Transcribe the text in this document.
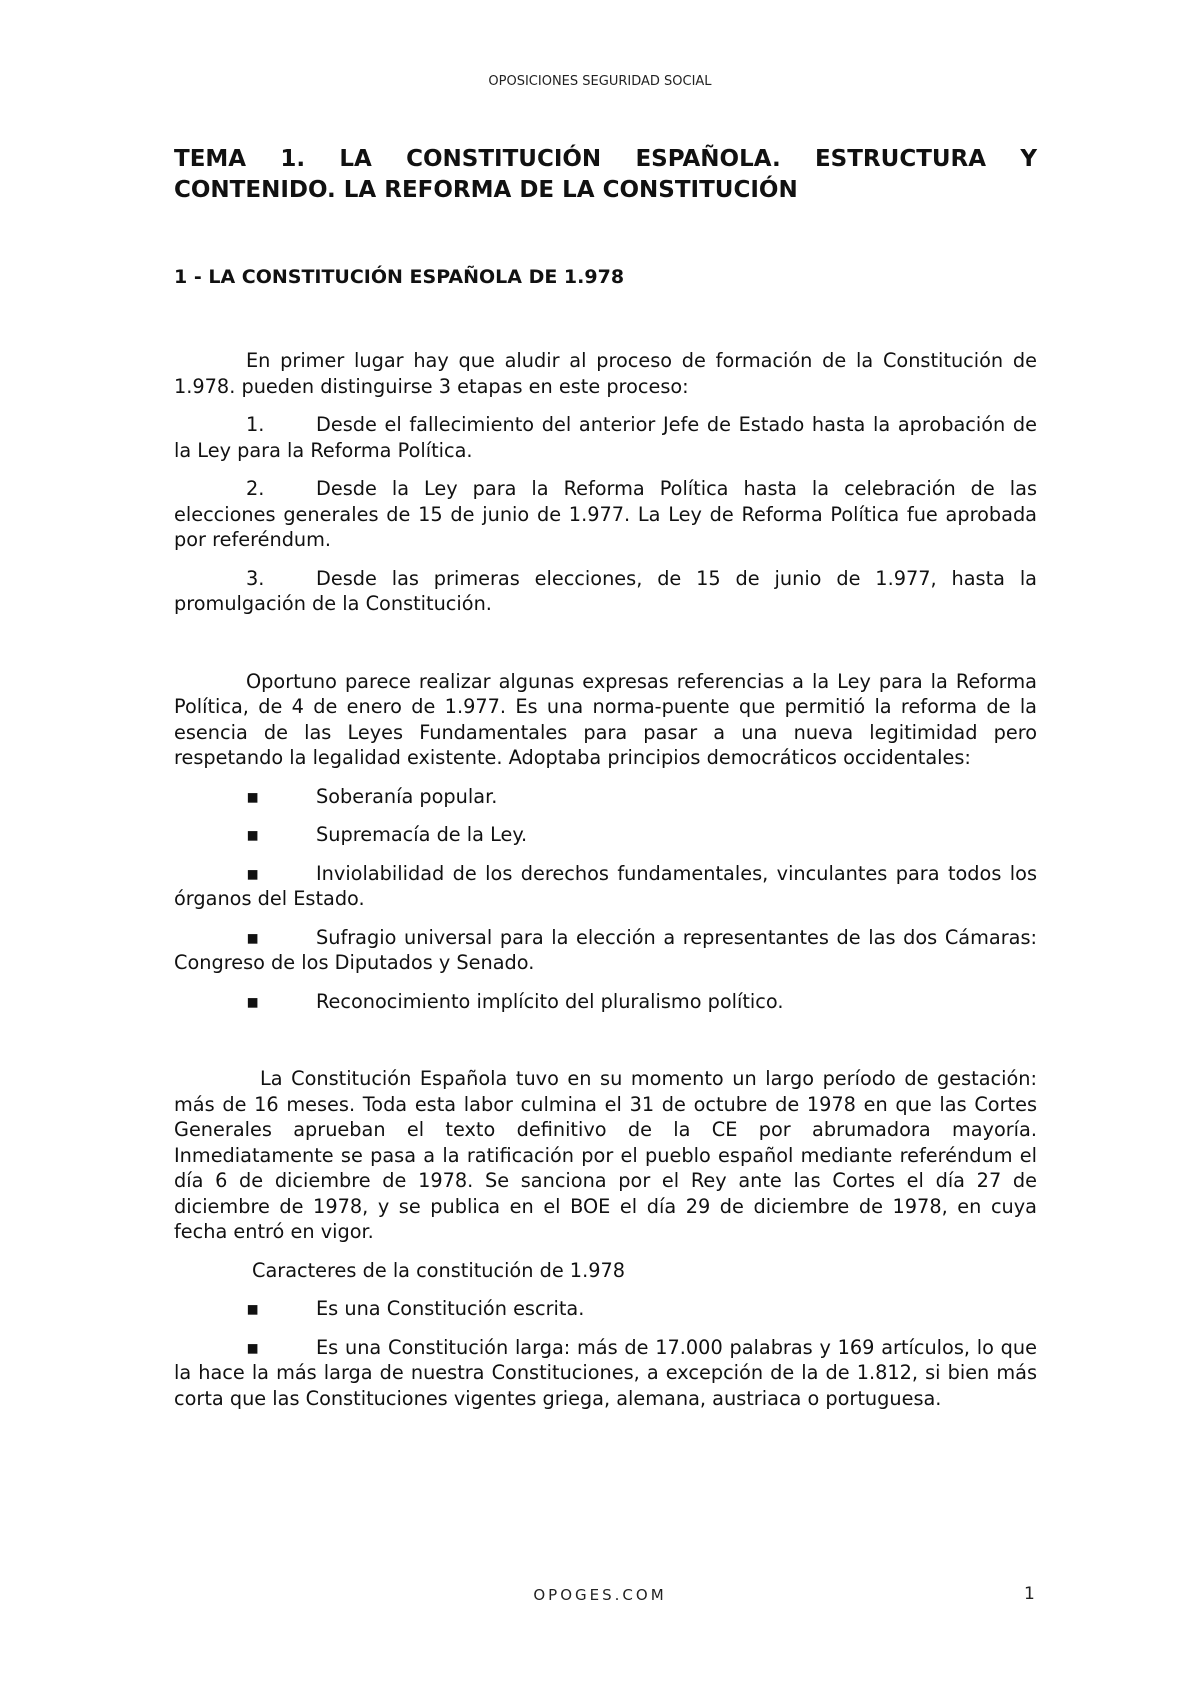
OPOSICIONES SEGURIDAD SOCIAL
TEMA 1. LA CONSTITUCIÓN ESPAÑOLA. ESTRUCTURA Y CONTENIDO. LA REFORMA DE LA CONSTITUCIÓN
1 - LA CONSTITUCIÓN ESPAÑOLA DE 1.978

En primer lugar hay que aludir al proceso de formación de la Constitución de 1.978. pueden distinguirse 3 etapas en este proceso:

1.	Desde el fallecimiento del anterior Jefe de Estado hasta la aprobación de la Ley para la Reforma Política.

2.	Desde la Ley para la Reforma Política hasta la celebración de las elecciones generales de 15 de junio de 1.977. La Ley de Reforma Política fue aprobada por referéndum.

3.	Desde las primeras elecciones, de 15 de junio de 1.977, hasta la promulgación de la Constitución.

Oportuno parece realizar algunas expresas referencias a la Ley para la Reforma Política, de 4 de enero de 1.977. Es una norma-puente que permitió la reforma de la esencia de las Leyes Fundamentales para pasar a una nueva legitimidad pero respetando la legalidad existente. Adoptaba principios democráticos occidentales:

▪	Soberanía popular.

▪	Supremacía de la Ley.

▪	Inviolabilidad de los derechos fundamentales, vinculantes para todos los órganos del Estado.

▪	Sufragio universal para la elección a representantes de las dos Cámaras: Congreso de los Diputados y Senado.

▪	Reconocimiento implícito del pluralismo político.

La Constitución Española tuvo en su momento un largo período de gestación: más de 16 meses. Toda esta labor culmina el 31 de octubre de 1978 en que las Cortes Generales aprueban el texto definitivo de la CE por abrumadora mayoría. Inmediatamente se pasa a la ratificación por el pueblo español mediante referéndum el día 6 de diciembre de 1978. Se sanciona por el Rey ante las Cortes el día 27 de diciembre de 1978, y se publica en el BOE el día 29 de diciembre de 1978, en cuya fecha entró en vigor.

Caracteres de la constitución de 1.978

▪	Es una Constitución escrita.

▪	Es una Constitución larga: más de 17.000 palabras y 169 artículos, lo que la hace la más larga de nuestra Constituciones, a excepción de la de 1.812, si bien más corta que las Constituciones vigentes griega, alemana, austriaca o portuguesa.

OPOGES.COM	1
